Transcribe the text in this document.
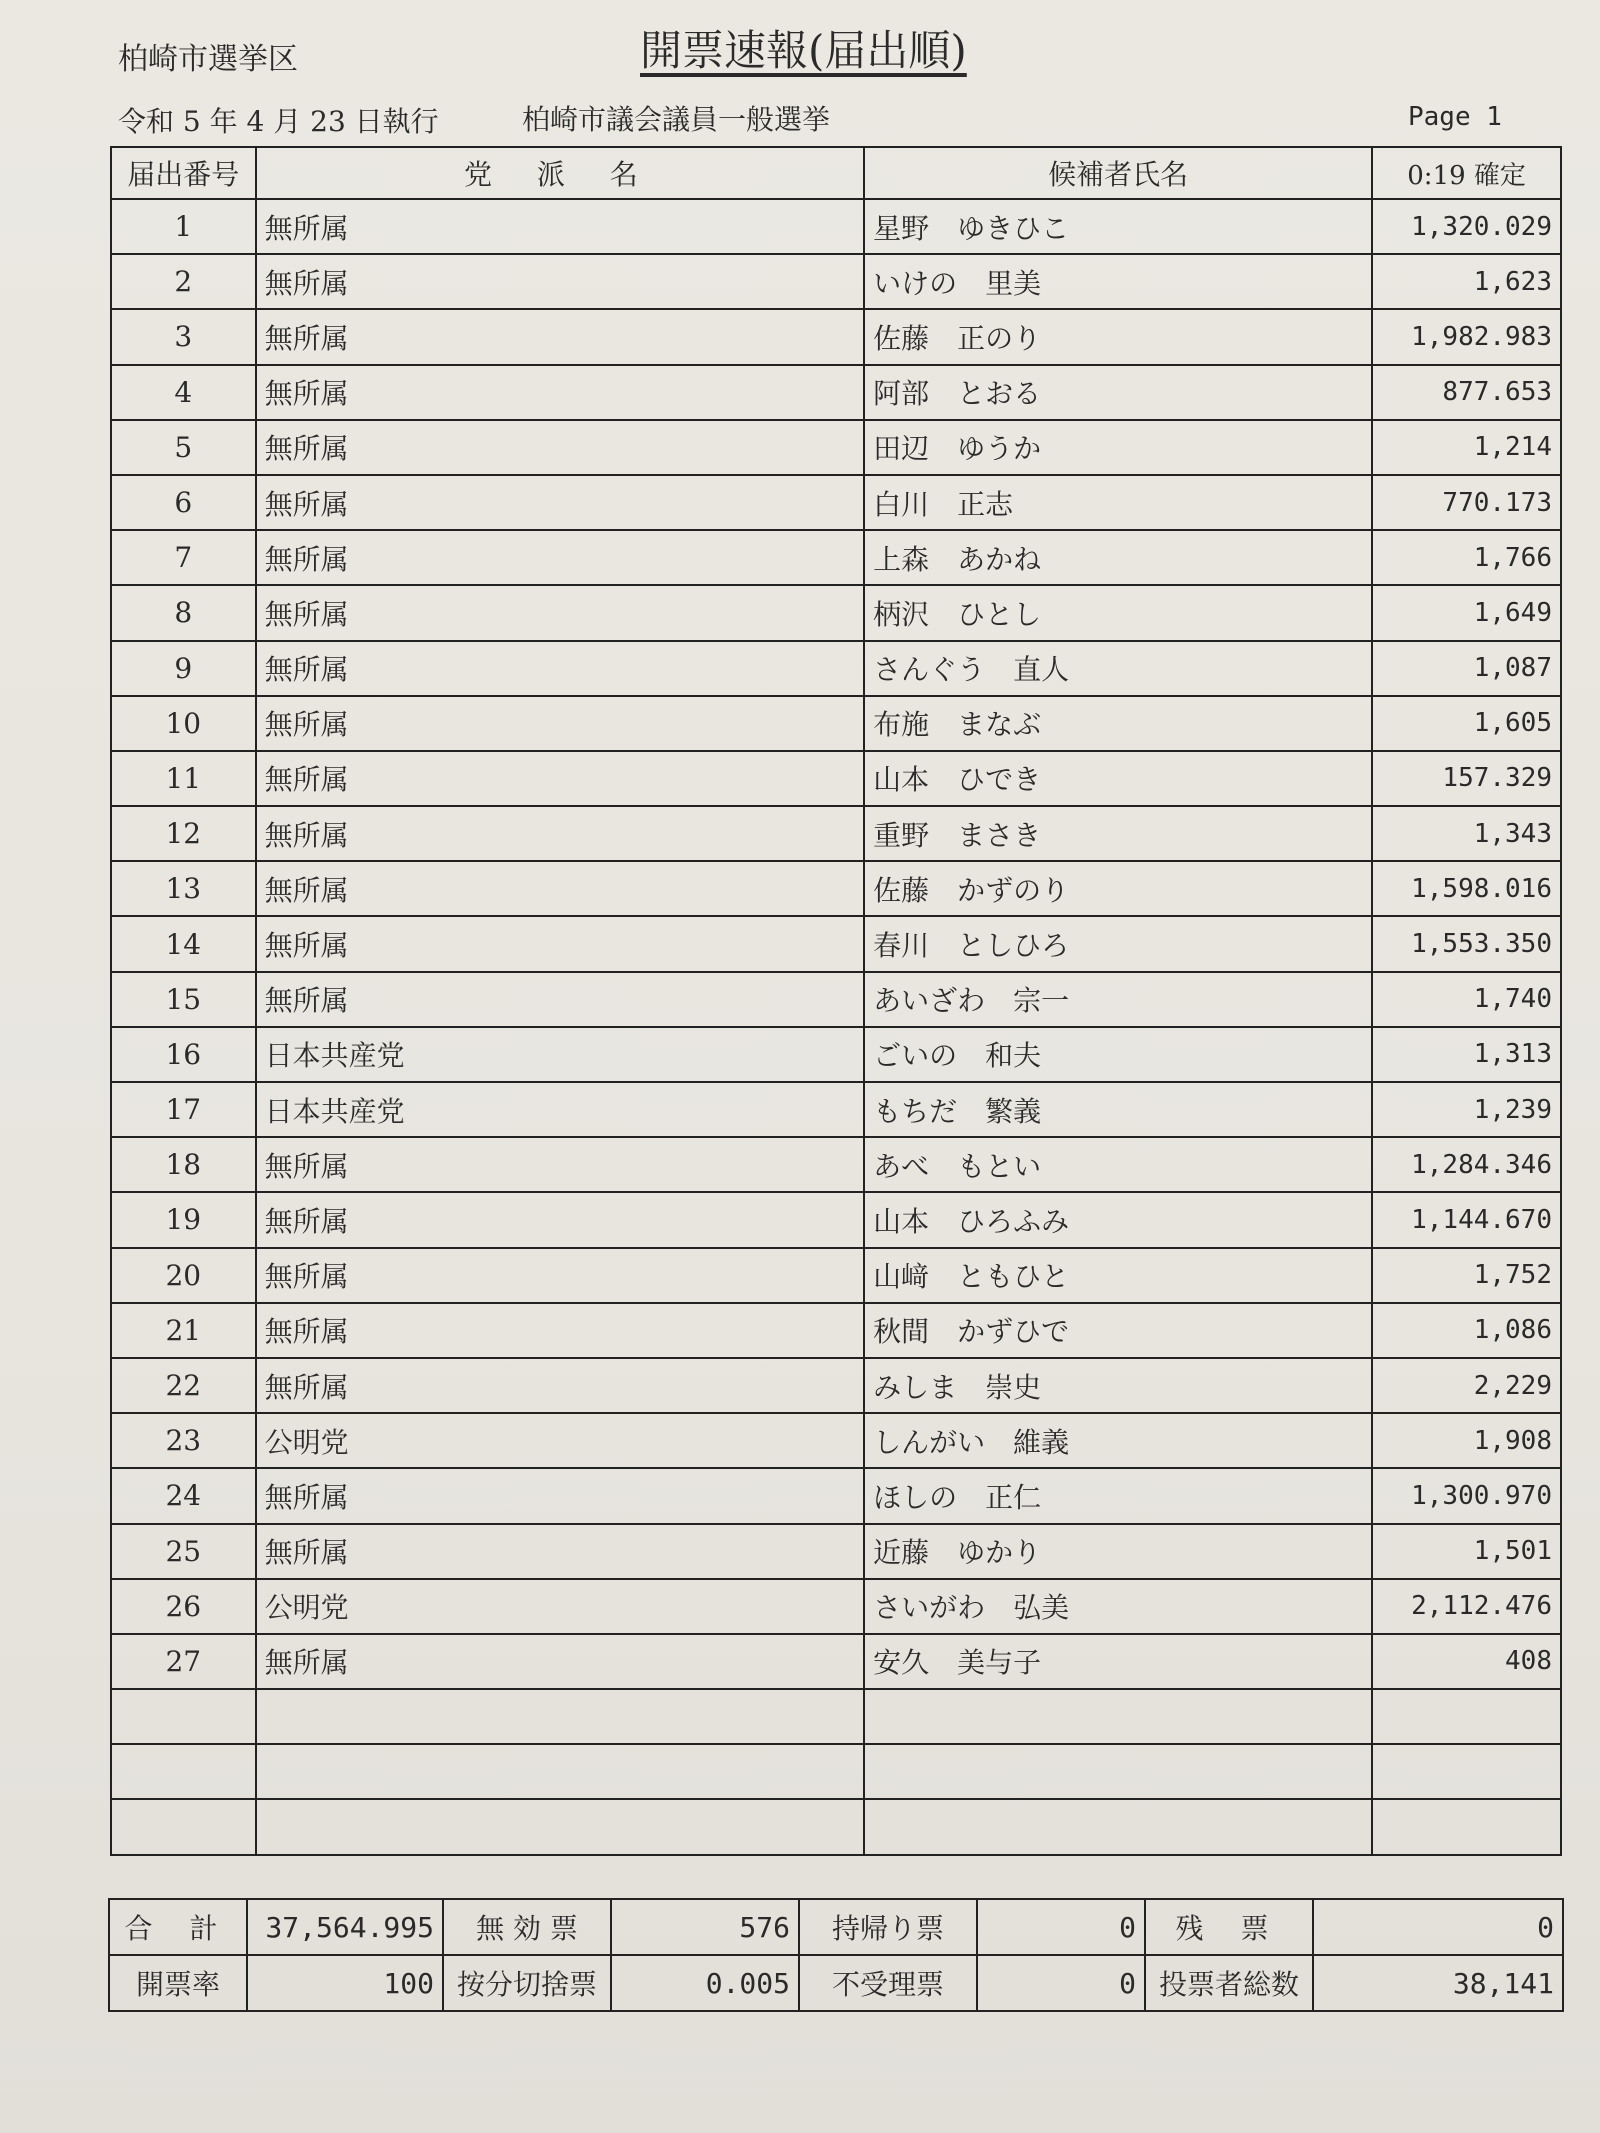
柏崎市選挙区	開票速報(届出順)
令和 5 年 4 月 23 日執行	柏崎市議会議員一般選挙	Page 1
届出番号	党 派 名	候補者氏名	0:19 確定
1	無所属	星野　ゆきひこ	1,320.029
2	無所属	いけの　里美	1,623
3	無所属	佐藤　正のり	1,982.983
4	無所属	阿部　とおる	877.653
5	無所属	田辺　ゆうか	1,214
6	無所属	白川　正志	770.173
7	無所属	上森　あかね	1,766
8	無所属	柄沢　ひとし	1,649
9	無所属	さんぐう　直人	1,087
10	無所属	布施　まなぶ	1,605
11	無所属	山本　ひでき	157.329
12	無所属	重野　まさき	1,343
13	無所属	佐藤　かずのり	1,598.016
14	無所属	春川　としひろ	1,553.350
15	無所属	あいざわ　宗一	1,740
16	日本共産党	ごいの　和夫	1,313
17	日本共産党	もちだ　繁義	1,239
18	無所属	あべ　もとい	1,284.346
19	無所属	山本　ひろふみ	1,144.670
20	無所属	山﨑　ともひと	1,752
21	無所属	秋間　かずひで	1,086
22	無所属	みしま　崇史	2,229
23	公明党	しんがい　維義	1,908
24	無所属	ほしの　正仁	1,300.970
25	無所属	近藤　ゆかり	1,501
26	公明党	さいがわ　弘美	2,112.476
27	無所属	安久　美与子	408

合 計	37,564.995	無 効 票	576	持帰り票	0	残 票	0
開票率	100	按分切捨票	0.005	不受理票	0	投票者総数	38,141
